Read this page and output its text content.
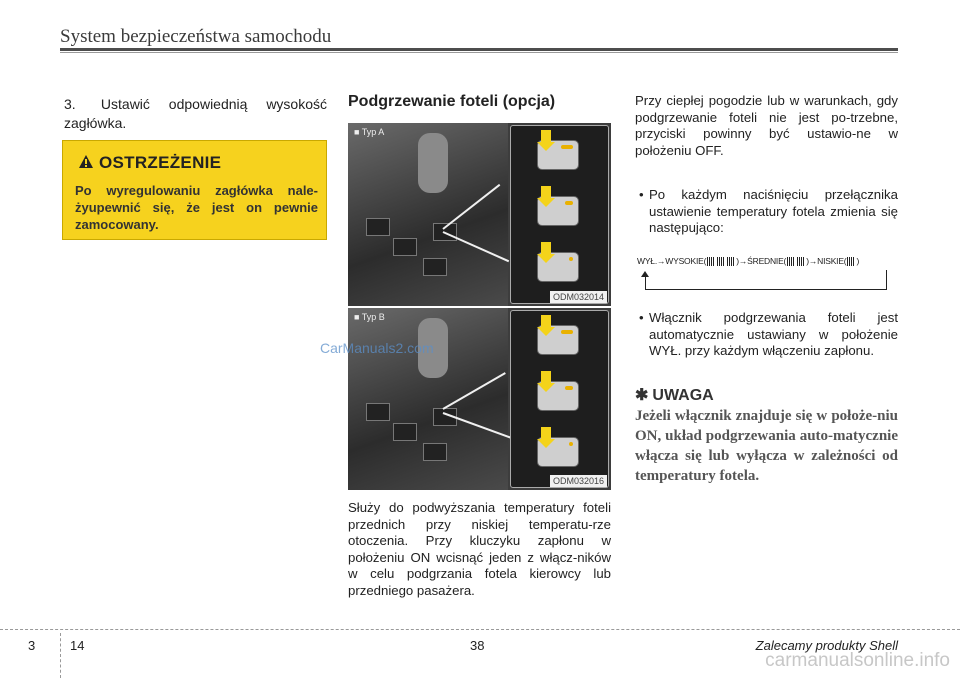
System bezpieczeństwa samochodu
3. Ustawić odpowiednią wysokość zagłówka.
OSTRZEŻENIE
Po wyregulowaniu zagłówka nale-żyupewnić się, że jest on pewnie zamocowany.
Podgrzewanie foteli (opcja)
■ Typ A
ODM032014
■ Typ B
ODM032016
Służy do podwyższania temperatury foteli przednich przy niskiej temperatu-rze otoczenia. Przy kluczyku zapłonu w położeniu ON wcisnąć jeden z włącz-ników w celu podgrzania fotela kierowcy lub przedniego pasażera.
Przy ciepłej pogodzie lub w warunkach, gdy podgrzewanie foteli nie jest po-trzebne, przyciski powinny być ustawio-ne w położeniu OFF.
• Po każdym naciśnięciu przełącznika ustawienie temperatury fotela zmienia się następująco:
WYŁ.→WYSOKIE(	)→ŚREDNIE( )→NISKIE( )
• Włącznik podgrzewania foteli jest automatycznie ustawiany w położenie WYŁ. przy każdym włączeniu zapłonu.
✱ UWAGA
Jeżeli włącznik znajduje się w położe-niu ON, układ podgrzewania auto-matycznie włącza się lub wyłącza w zależności od temperatury fotela.
CarManuals2.com
carmanualsonline.info
3	14	38	Zalecamy produkty Shell
